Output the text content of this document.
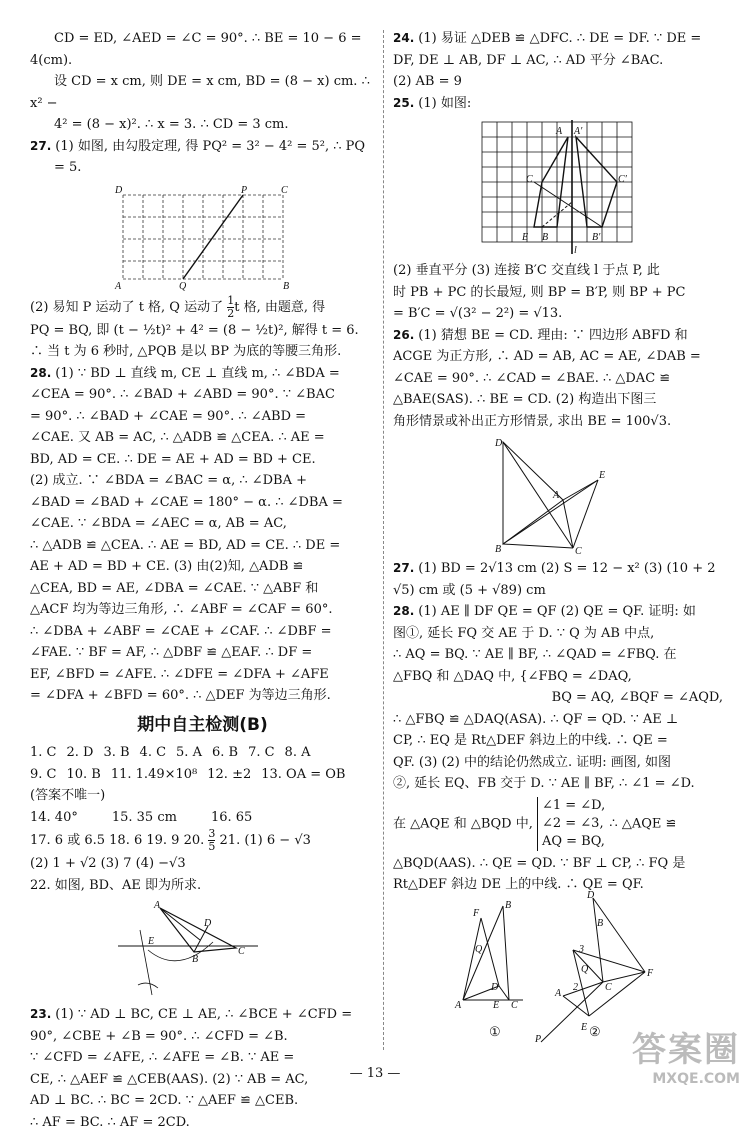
CD = ED, ∠AED = ∠C = 90°. ∴ BE = 10 − 6 = 4(cm).

设 CD = x cm, 则 DE = x cm, BD = (8 − x) cm. ∴ x² −

4² = (8 − x)². ∴ x = 3. ∴ CD = 3 cm.

27. (1) 如图, 由勾股定理, 得 PQ² = 3² − 4² = 5², ∴ PQ

= 5.

D	P	C
A	Q	B

(2) 易知 P 运动了 t 格, Q 运动了 $\frac{1}{2}$ t 格, 由题意, 得

PQ = BQ, 即 (t − ½t)² + 4² = (8 − ½t)², 解得 t = 6.

∴ 当 t 为 6 秒时, △PQB 是以 BP 为底的等腰三角形.

28. (1) ∵ BD ⊥ 直线 m, CE ⊥ 直线 m, ∴ ∠BDA =

∠CEA = 90°. ∴ ∠BAD + ∠ABD = 90°. ∵ ∠BAC

= 90°. ∴ ∠BAD + ∠CAE = 90°. ∴ ∠ABD =

∠CAE. 又 AB = AC, ∴ △ADB ≌ △CEA. ∴ AE =

BD, AD = CE. ∴ DE = AE + AD = BD + CE.

(2) 成立. ∵ ∠BDA = ∠BAC = α, ∴ ∠DBA +

∠BAD = ∠BAD + ∠CAE = 180° − α. ∴ ∠DBA =

∠CAE. ∵ ∠BDA = ∠AEC = α, AB = AC,

∴ △ADB ≌ △CEA. ∴ AE = BD, AD = CE. ∴ DE =

AE + AD = BD + CE. (3) 由(2)知, △ADB ≌

△CEA, BD = AE, ∠DBA = ∠CAE. ∵ △ABF 和

△ACF 均为等边三角形, ∴ ∠ABF = ∠CAF = 60°.

∴ ∠DBA + ∠ABF = ∠CAE + ∠CAF. ∴ ∠DBF =

∠FAE. ∵ BF = AF, ∴ △DBF ≌ △EAF. ∴ DF =

EF, ∠BFD = ∠AFE. ∴ ∠DFE = ∠DFA + ∠AFE

= ∠DFA + ∠BFD = 60°. ∴ △DEF 为等边三角形.

期中自主检测(B)
1. C 2. D 3. B 4. C 5. A 6. B 7. C 8. A
9. C 10. B 11. 1.49×10⁸ 12. ±2 13. OA = OB

(答案不唯一)

14. 40°	15. 35 cm	16. 65

17. 6 或 6.5 18. 6 19. 9 20. $\frac{3}{5} 21$. (1) 6 − √3

(2) 1 + √2 (3) 7 (4) −√3

22. 如图, BD、AE 即为所求.

A
D
E
B
C

23. (1) ∵ AD ⊥ BC, CE ⊥ AE, ∴ ∠BCE + ∠CFD =

90°, ∠CBE + ∠B = 90°. ∴ ∠CFD = ∠B.

∵ ∠CFD = ∠AFE, ∴ ∠AFE = ∠B. ∵ AE =

CE, ∴ △AEF ≌ △CEB(AAS). (2) ∵ AB = AC,

AD ⊥ BC. ∴ BC = 2CD. ∵ △AEF ≌ △CEB.

∴ AF = BC. ∴ AF = 2CD.

24. (1) 易证 △DEB ≌ △DFC. ∴ DE = DF. ∵ DE =

DF, DE ⊥ AB, DF ⊥ AC, ∴ AD 平分 ∠BAC.

(2) AB = 9

25. (1) 如图:

A A′
C	C′
E B	B′
l

(2) 垂直平分 (3) 连接 B′C 交直线 l 于点 P, 此

时 PB + PC 的长最短, 则 BP = B′P, 则 BP + PC

= B′C = √(3² − 2²) = √13.

26. (1) 猜想 BE = CD. 理由: ∵ 四边形 ABFD 和

ACGE 为正方形, ∴ AD = AB, AC = AE, ∠DAB =

∠CAE = 90°. ∴ ∠CAD = ∠BAE. ∴ △DAC ≌

△BAE(SAS). ∴ BE = CD. (2) 构造出下图三

角形情景或补出正方形情景, 求出 BE = 100√3.

D
E
A
B	C

27. (1) BD = 2√13 cm (2) S = 12 − x² (3) (10 + 2

√5) cm 或 (5 + √89) cm

28. (1) AE ∥ DF QE = QF (2) QE = QF. 证明: 如

图①, 延长 FQ 交 AE 于 D. ∵ Q 为 AB 中点,

∴ AQ = BQ. ∵ AE ∥ BF, ∴ ∠QAD = ∠FBQ. 在

△FBQ 和 △DAQ 中, {∠FBQ = ∠DAQ,

BQ = AQ, ∠BQF = ∠AQD,

∴ △FBQ ≌ △DAQ(ASA). ∴ QF = QD. ∵ AE ⊥

CP, ∴ EQ 是 Rt△DEF 斜边上的中线. ∴ QE =

QF. (3) (2) 中的结论仍然成立. 证明: 画图, 如图

②, 延长 EQ、FB 交于 D. ∵ AE ∥ BF, ∴ ∠1 = ∠D.

在 △AQE 和 △BQD 中,
∠1 = ∠D,
∠2 = ∠3,
AQ = BQ,
∴ △AQE ≌

△BQD(AAS). ∴ QE = QD. ∵ BF ⊥ CP, ∴ FQ 是

Rt△DEF 斜边 DE 上的中线. ∴ QE = QF.

F
B
Q
D
A	E C
D
B
3
Q
2
F
A
C
E
P
①	②
— 13 —
答案圈
MXQE.COM
